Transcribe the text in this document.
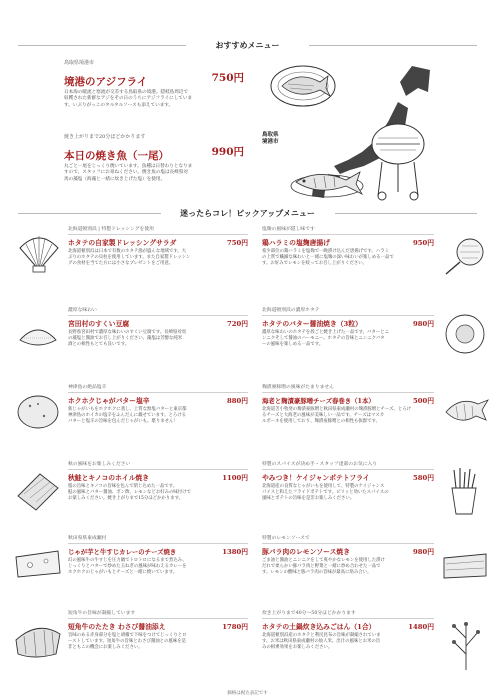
おすすめメニュー
鳥取県境港市
境港のアジフライ	750円
日本海の暖流と寒流が交差する鳥取県の境港。隠岐島周辺で
収穫された新鮮なアジをその日のうちにアジフライにしていま
す。いぶりがっこのタルタルソースも添えています。
焼き上がりまで20分ほどかかります
本日の焼き魚（一尾）	990円
丸ごと一尾をじっくり焼いています。魚種は日替わりとなりま
すので、スタッフにお尋ねください。焼き魚の塩は長崎県対
馬の藻塩（海藻と一緒に炊き上げた塩）を使用。
鳥取県
境港市
迷ったらコレ！ピックアップメニュー
北海道頓別浜 | 特製ドレッシングを使用
ホタテの自家製ドレッシングサラダ	750円
北海道頓別浜は日本で有数のホタテ漁が盛んな地域です。大
ぶりのホタテの貝柱を使用しています。また自家製ドレッシン
グの食材を当てた方には小さなプレゼントをご用意。
塩麹の風味が隠し味です
鶏ハラミの塩麹唐揚げ	950円
希少部位の鶏ハラミを塩麹で一晩漬け込んだ唐揚げです。ハラミ
の上質で繊細な味わいと一緒に塩麹の深い味わいが楽しめる一品で
す。お好みでレモンを絞ってお召し上がりください。
濃厚な味わい
宮田村のすくい豆腐	720円
長野県宮田村で濃厚な味わいのすくい豆腐です。長崎県対馬
の藻塩と醤油でお召し上がりください。藻塩は芳醇な純米
酒との相性もとても良いです。
北海道頓別浜の濃厚ホタテ
ホタテのバター醤油焼き（3粒）	980円
濃厚な味わいのホタテを殻ごと焼き上げた一品です。バターとニ
ンニクそして醤油のハーモニー。ホタテの旨味とニンニクバタ
ーの風味を楽しめる一品です。
神津島の絶品塩辛
ホクホクじゃがバター塩辛	880円
新じゃがいもをホクホクに蒸し、上質な無塩バターと東京都
神津島のホイカの塩辛をふんだんに載せています。とろける
バターと塩辛の旨味を包んだじゃがいも。堪りません！
麹漬豪豚噌の風味がたまりません
海老と麹漬豪豚噌チーズ春巻き（1本）	500円
北海道苫小牧発の麹漬豪豚噌と秋田県東成瀬村の麹漬豚噌とチーズ、とろけ
るチーズと大海老の風味が美味しい一品です。チーズはマスカ
ルポーネを使用しており、麹漬豪豚噌との相性も抜群です。
秋の風味をお楽しみください
秋鮭とキノコのホイル焼き	1100円
脂の旨味とキノコの旨味を包んで閉じ込めた一品です。
鮭の風味とバター醤油、ポン酢、レモンなどお好みの味付けで
お楽しみください。焼き上がりまで15分ほどかかります。
特製のスパイスが決め手・スタッフ達部のお気に入り
やみつき！ケイジャンポテトフライ	580円
北海道産の良質なじゃがいもを使用して、特製のケイジャンス
パイスと和えたフライドポテトです。ピリッと効いたスパイスの
風味とポテトの旨味を是非お楽しみください。
秋田県県東成瀬村
じゃが芋と牛すじカレーのチーズ焼き	1380円
幻の風味牛の牛すじを圧力鍋でトロトロになるまで煮込み、
じっくりとバターで炒めた玉ねぎの風味が味わえるカレーを
ホクホクのじゃがいもとチーズと一緒に焼いています。
特製のレモンソースで
豚バラ肉のレモンソース焼き	980円
ごま油と醤油とニンニクをして爽やかなレモンを使用した漬け
だれで柔らかい豚バラ肉と野菜と一緒に炒め合わせた一品で
す。レモンの酸味と豚バラ肉の旨味が最高に絡み合い。
短角牛の旨味が凝縮しています
短角牛のたたき わさび醤油添え	1780円
旨味のある赤身部分を塩と胡椒で下味をつけてじっくりとロ
ーストしています。短角牛の旨味とわさび醤油との風味を是
非ともこの機会にお楽しみください。
炊き上がりまで40分〜50分ほどかかります
ホタテの土鍋炊き込みごはん（1合）	1480円
北海道頓別浜産のホタテと利尻昆布の旨味が凝縮されていま
す。お米は秋田県東成瀬村の仙人米。出汁の風味とお米の旨
みの相乗効果をお楽しみください。
価格は税込表記です
